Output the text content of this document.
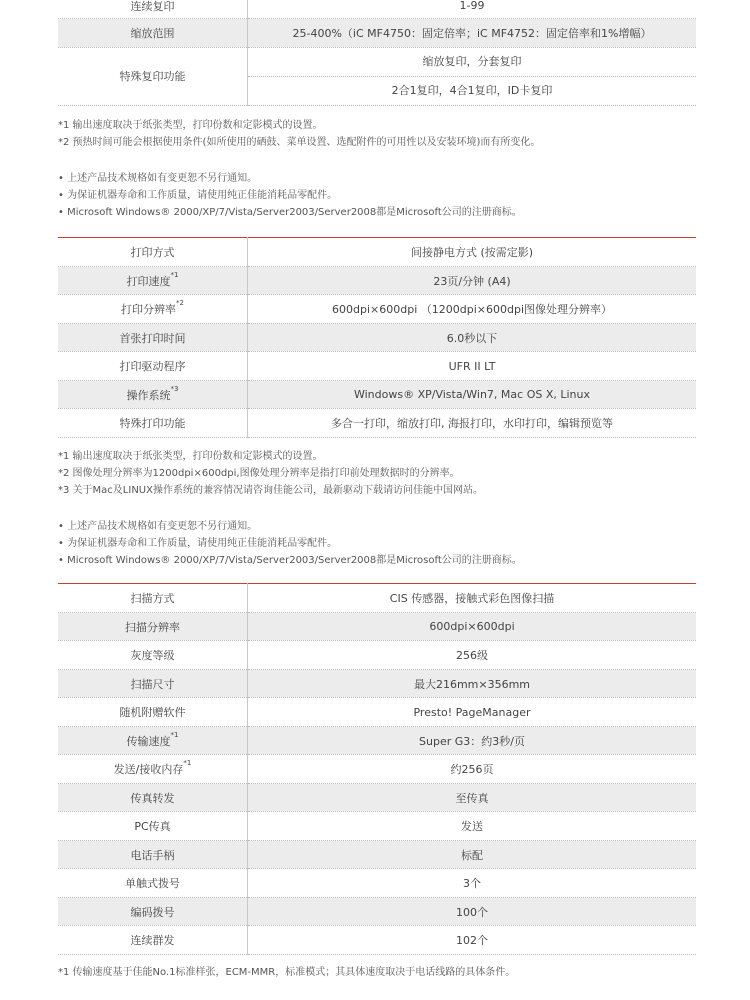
连续复印	1-99
缩放范围	25-400%（iC MF4750：固定倍率；iC MF4752：固定倍率和1%增幅）
特殊复印功能	缩放复印，分套复印
2合1复印，4合1复印，ID卡复印

*1 输出速度取决于纸张类型，打印份数和定影模式的设置。

*2 预热时间可能会根据使用条件(如所使用的硒鼓、菜单设置、选配附件的可用性以及安装环境)而有所变化。

• 上述产品技术规格如有变更恕不另行通知。

• 为保证机器寿命和工作质量，请使用纯正佳能消耗品零配件。

• Microsoft Windows® 2000/XP/7/Vista/Server2003/Server2008都是Microsoft公司的注册商标。

打印方式	间接静电方式 (按需定影)
打印速度$^{*1}$	23页/分钟 (A4)
打印分辨率$^{*2}$	600dpi×600dpi （1200dpi×600dpi图像处理分辨率）
首张打印时间	6.0秒以下
打印驱动程序	UFR II LT
操作系统$^{*3}$	Windows® XP/Vista/Win7, Mac OS X, Linux
特殊打印功能	多合一打印，缩放打印, 海报打印，水印打印，编辑预览等

*1 输出速度取决于纸张类型，打印份数和定影模式的设置。

*2 图像处理分辨率为1200dpi×600dpi,图像处理分辨率是指打印前处理数据时的分辨率。

*3 关于Mac及LINUX操作系统的兼容情况请咨询佳能公司，最新驱动下载请访问佳能中国网站。

• 上述产品技术规格如有变更恕不另行通知。

• 为保证机器寿命和工作质量，请使用纯正佳能消耗品零配件。

• Microsoft Windows® 2000/XP/7/Vista/Server2003/Server2008都是Microsoft公司的注册商标。

扫描方式	CIS 传感器，接触式彩色图像扫描
扫描分辨率	600dpi×600dpi
灰度等级	256级
扫描尺寸	最大216mm×356mm
随机附赠软件	Presto! PageManager
传输速度$^{*1}$	Super G3：约3秒/页
发送/接收内存$^{*1}$	约256页
传真转发	至传真
PC传真	发送
电话手柄	标配
单触式拨号	3个
编码拨号	100个
连续群发	102个

*1 传输速度基于佳能No.1标准样张，ECM-MMR，标准模式；其具体速度取决于电话线路的具体条件。
